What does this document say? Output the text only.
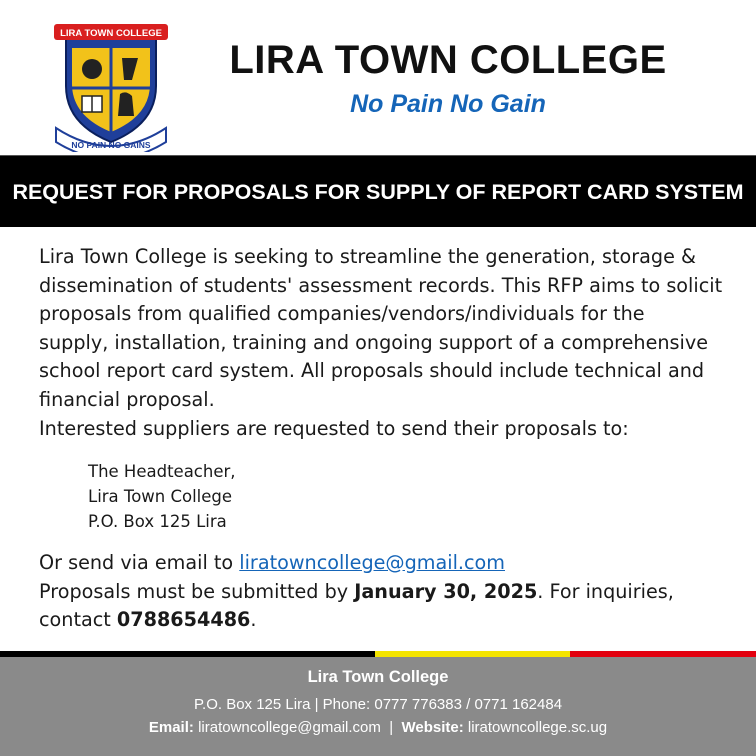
LIRA TOWN COLLEGE
NO PAIN NO GAINS
LIRA TOWN COLLEGE
No Pain No Gain
REQUEST FOR PROPOSALS FOR SUPPLY OF REPORT CARD SYSTEM

Lira Town College is seeking to streamline the generation, storage &

dissemination of students' assessment records. This RFP aims to solicit

proposals from qualified companies/vendors/individuals for the

supply, installation, training and ongoing support of a comprehensive

school report card system. All proposals should include technical and

financial proposal.

Interested suppliers are requested to send their proposals to:

The Headteacher,
Lira Town College
P.O. Box 125 Lira
Or send via email to liratowncollege@gmail.com
Proposals must be submitted by January 30, 2025. For inquiries,
contact 0788654486.
Lira Town College
P.O. Box 125 Lira | Phone: 0777 776383 / 0771 162484
Email: liratowncollege@gmail.com | Website: liratowncollege.sc.ug
